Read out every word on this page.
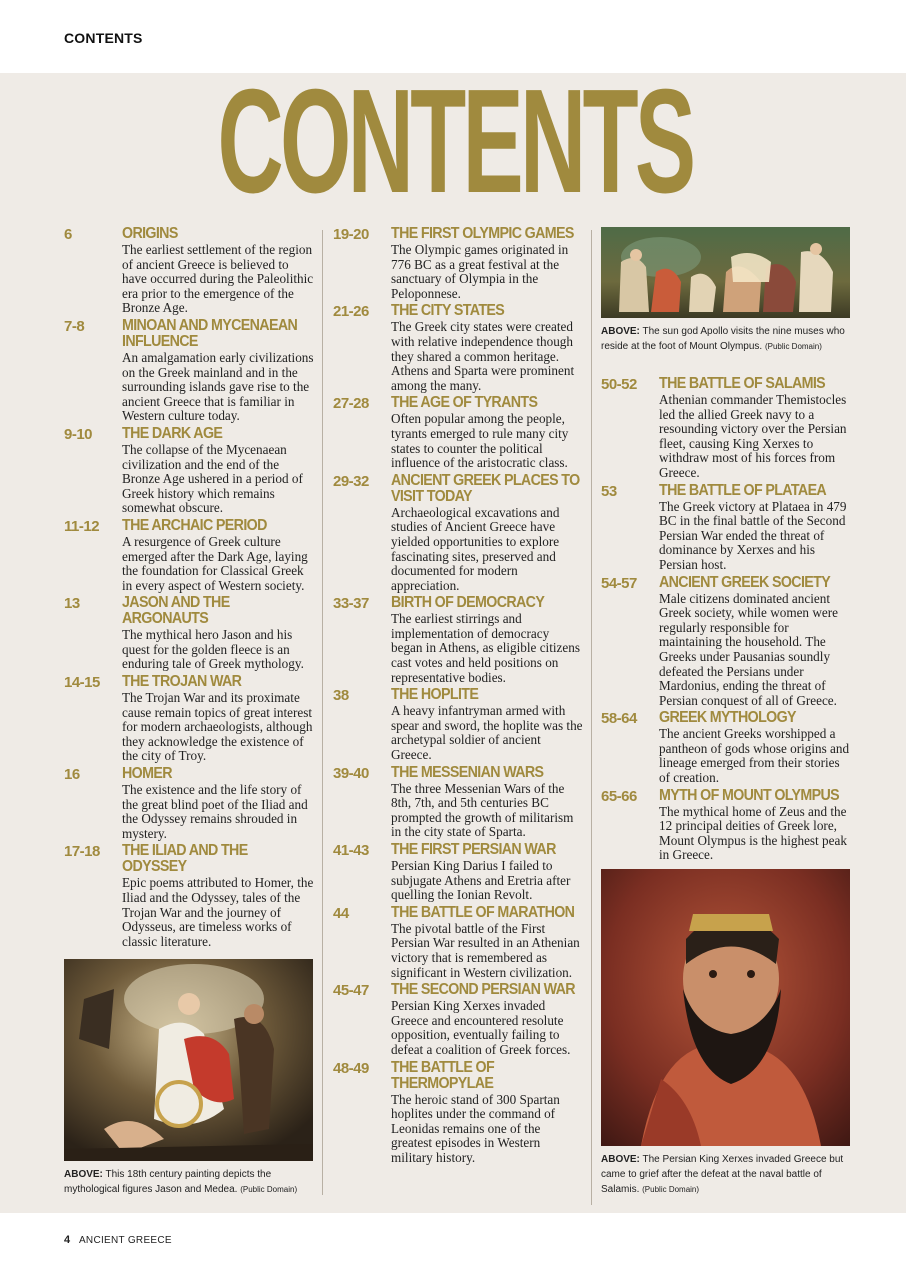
CONTENTS
CONTENTS
6	ORIGINS
The earliest settlement of the region of ancient Greece is believed to have occurred during the Paleolithic era prior to the emergence of the Bronze Age.
7-8 MINOAN AND MYCENAEAN INFLUENCE
An amalgamation early civilizations on the Greek mainland and in the surrounding islands gave rise to the ancient Greece that is familiar in Western culture today.
9-10 THE DARK AGE
The collapse of the Mycenaean civilization and the end of the Bronze Age ushered in a period of Greek history which remains somewhat obscure.
11-12 THE ARCHAIC PERIOD
A resurgence of Greek culture emerged after the Dark Age, laying the foundation for Classical Greek in every aspect of Western society.
13	JASON AND THE ARGONAUTS
The mythical hero Jason and his quest for the golden fleece is an enduring tale of Greek mythology.
14-15 THE TROJAN WAR
The Trojan War and its proximate cause remain topics of great interest for modern archaeologists, although they acknowledge the existence of the city of Troy.
16	HOMER
The existence and the life story of the great blind poet of the Iliad and the Odyssey remains shrouded in mystery.
17-18 THE ILIAD AND THE ODYSSEY
Epic poems attributed to Homer, the Iliad and the Odyssey, tales of the Trojan War and the journey of Odysseus, are timeless works of classic literature.
ABOVE: This 18th century painting depicts the mythological figures Jason and Medea. (Public Domain)
19-20 THE FIRST OLYMPIC GAMES
The Olympic games originated in 776 BC as a great festival at the sanctuary of Olympia in the Peloponnese.
21-26 THE CITY STATES
The Greek city states were created with relative independence though they shared a common heritage. Athens and Sparta were prominent among the many.
27-28 THE AGE OF TYRANTS
Often popular among the people, tyrants emerged to rule many city states to counter the political influence of the aristocratic class.
29-32 ANCIENT GREEK PLACES TO VISIT TODAY
Archaeological excavations and studies of Ancient Greece have yielded opportunities to explore fascinating sites, preserved and documented for modern appreciation.
33-37 BIRTH OF DEMOCRACY
The earliest stirrings and implementation of democracy began in Athens, as eligible citizens cast votes and held positions on representative bodies.
38	THE HOPLITE
A heavy infantryman armed with spear and sword, the hoplite was the archetypal soldier of ancient Greece.
39-40 THE MESSENIAN WARS
The three Messenian Wars of the 8th, 7th, and 5th centuries BC prompted the growth of militarism in the city state of Sparta.
41-43 THE FIRST PERSIAN WAR
Persian King Darius I failed to subjugate Athens and Eretria after quelling the Ionian Revolt.
44	THE BATTLE OF MARATHON
The pivotal battle of the First Persian War resulted in an Athenian victory that is remembered as significant in Western civilization.
45-47 THE SECOND PERSIAN WAR
Persian King Xerxes invaded Greece and encountered resolute opposition, eventually failing to defeat a coalition of Greek forces.
48-49 THE BATTLE OF THERMOPYLAE
The heroic stand of 300 Spartan hoplites under the command of Leonidas remains one of the greatest episodes in Western military history.
ABOVE: The sun god Apollo visits the nine muses who reside at the foot of Mount Olympus. (Public Domain)
50-52 THE BATTLE OF SALAMIS
Athenian commander Themistocles led the allied Greek navy to a resounding victory over the Persian fleet, causing King Xerxes to withdraw most of his forces from Greece.
53	THE BATTLE OF PLATAEA
The Greek victory at Plataea in 479 BC in the final battle of the Second Persian War ended the threat of dominance by Xerxes and his Persian host.
54-57 ANCIENT GREEK SOCIETY
Male citizens dominated ancient Greek society, while women were regularly responsible for maintaining the household. The Greeks under Pausanias soundly defeated the Persians under Mardonius, ending the threat of Persian conquest of all of Greece.
58-64 GREEK MYTHOLOGY
The ancient Greeks worshipped a pantheon of gods whose origins and lineage emerged from their stories of creation.
65-66 MYTH OF MOUNT OLYMPUS
The mythical home of Zeus and the 12 principal deities of Greek lore, Mount Olympus is the highest peak in Greece.
ABOVE: The Persian King Xerxes invaded Greece but came to grief after the defeat at the naval battle of Salamis. (Public Domain)
4 ANCIENT GREECE
